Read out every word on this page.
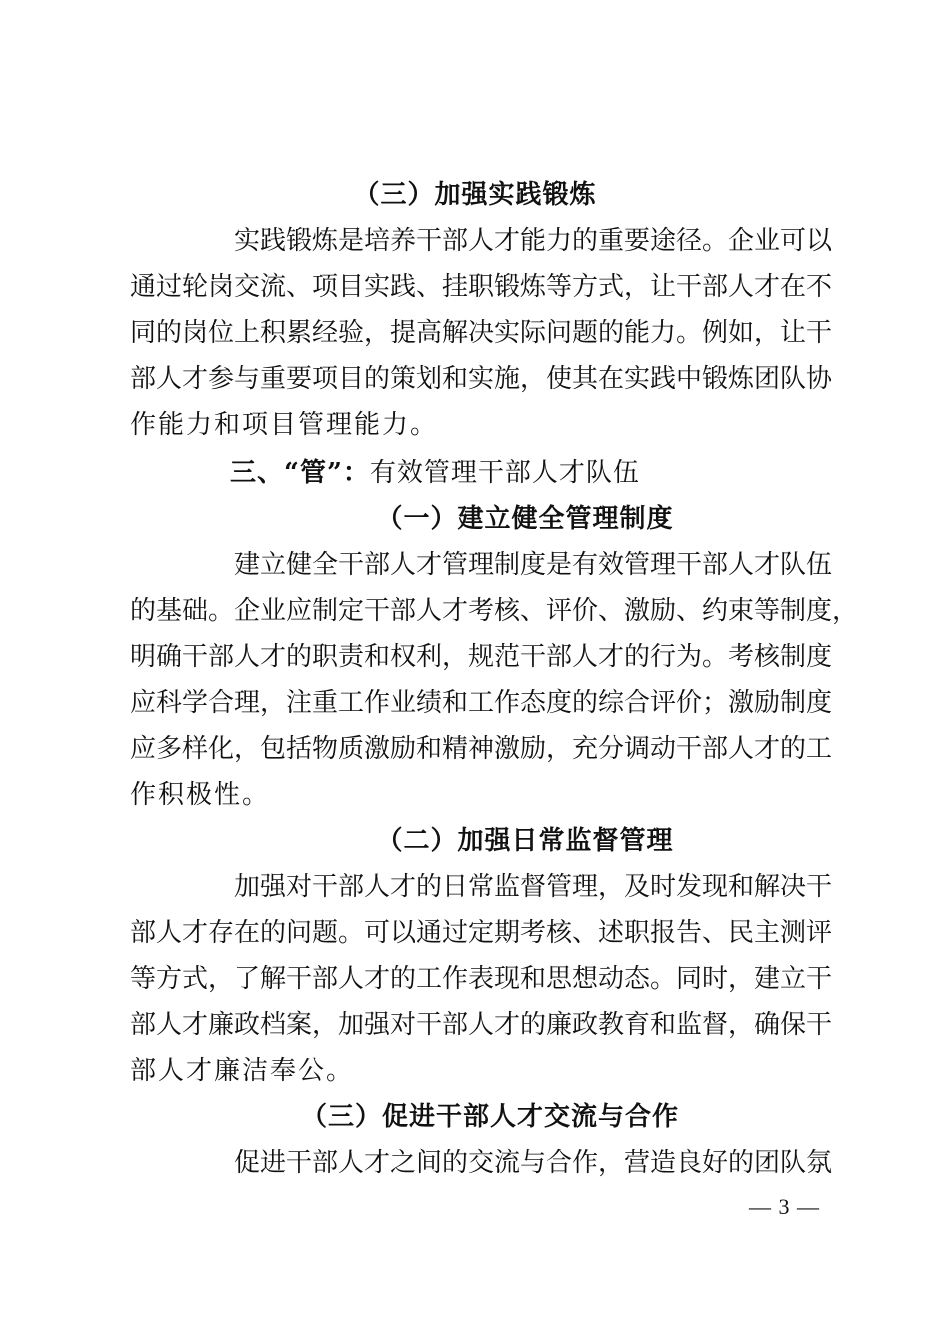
（三）加强实践锻炼
实践锻炼是培养干部人才能力的重要途径。企业可以
通过轮岗交流、项目实践、挂职锻炼等方式，让干部人才在不
同的岗位上积累经验，提高解决实际问题的能力。例如，让干
部人才参与重要项目的策划和实施，使其在实践中锻炼团队协
作能力和项目管理能力。
三、“管”：有效管理干部人才队伍
（一）建立健全管理制度
建立健全干部人才管理制度是有效管理干部人才队伍
的基础。企业应制定干部人才考核、评价、激励、约束等制度，
明确干部人才的职责和权利，规范干部人才的行为。考核制度
应科学合理，注重工作业绩和工作态度的综合评价；激励制度
应多样化，包括物质激励和精神激励，充分调动干部人才的工
作积极性。
（二）加强日常监督管理
加强对干部人才的日常监督管理，及时发现和解决干
部人才存在的问题。可以通过定期考核、述职报告、民主测评
等方式，了解干部人才的工作表现和思想动态。同时，建立干
部人才廉政档案，加强对干部人才的廉政教育和监督，确保干
部人才廉洁奉公。
（三）促进干部人才交流与合作
促进干部人才之间的交流与合作，营造良好的团队氛
— 3 —
